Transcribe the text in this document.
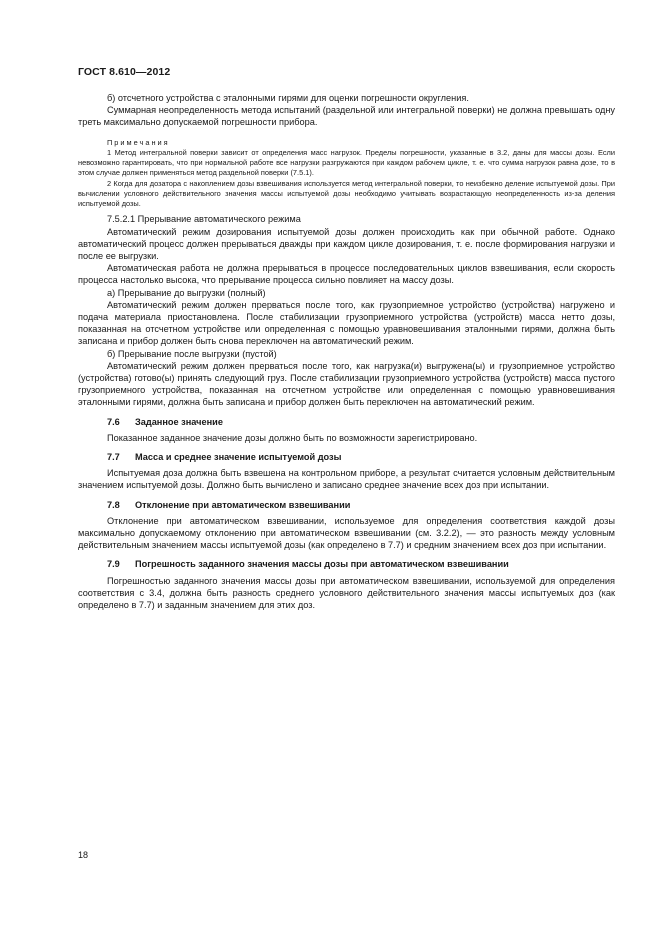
ГОСТ 8.610—2012

б) отсчетного устройства с эталонными гирями для оценки погрешности округления.

Суммарная неопределенность метода испытаний (раздельной или интегральной поверки) не должна превышать одну треть максимально допускаемой погрешности прибора.

Примечания

1 Метод интегральной поверки зависит от определения масс нагрузок. Пределы погрешности, указанные в 3.2, даны для массы дозы. Если невозможно гарантировать, что при нормальной работе все нагрузки разгружаются при каждом рабочем цикле, т. е. что сумма нагрузок равна дозе, то в этом случае должен применяться метод раздельной поверки (7.5.1).

2 Когда для дозатора с накоплением дозы взвешивания используется метод интегральной поверки, то неизбежно деление испытуемой дозы. При вычислении условного действительного значения массы испытуемой дозы необходимо учитывать возрастающую неопределенность из-за деления испытуемой дозы.

7.5.2.1 Прерывание автоматического режима

Автоматический режим дозирования испытуемой дозы должен происходить как при обычной работе. Однако автоматический процесс должен прерываться дважды при каждом цикле дозирования, т. е. после формирования нагрузки и после ее выгрузки.

Автоматическая работа не должна прерываться в процессе последовательных циклов взвешивания, если скорость процесса настолько высока, что прерывание процесса сильно повлияет на массу дозы.

а) Прерывание до выгрузки (полный)

Автоматический режим должен прерваться после того, как грузоприемное устройство (устройства) нагружено и подача материала приостановлена. После стабилизации грузоприемного устройства (устройств) масса нетто дозы, показанная на отсчетном устройстве или определенная с помощью уравновешивания эталонными гирями, должна быть записана и прибор должен быть снова переключен на автоматический режим.

б) Прерывание после выгрузки (пустой)

Автоматический режим должен прерваться после того, как нагрузка(и) выгружена(ы) и грузоприемное устройство (устройства) готово(ы) принять следующий груз. После стабилизации грузоприемного устройства (устройств) масса пустого грузоприемного устройства, показанная на отсчетном устройстве или определенная с помощью уравновешивания эталонными гирями, должна быть записана и прибор должен быть переключен на автоматический режим.

7.6 Заданное значение

Показанное заданное значение дозы должно быть по возможности зарегистрировано.

7.7 Масса и среднее значение испытуемой дозы

Испытуемая доза должна быть взвешена на контрольном приборе, а результат считается условным действительным значением испытуемой дозы. Должно быть вычислено и записано среднее значение всех доз при испытании.

7.8 Отклонение при автоматическом взвешивании

Отклонение при автоматическом взвешивании, используемое для определения соответствия каждой дозы максимально допускаемому отклонению при автоматическом взвешивании (см. 3.2.2), — это разность между условным действительным значением массы испытуемой дозы (как определено в 7.7) и средним значением всех доз при испытании.

7.9 Погрешность заданного значения массы дозы при автоматическом взвешивании

Погрешностью заданного значения массы дозы при автоматическом взвешивании, используемой для определения соответствия с 3.4, должна быть разность среднего условного действительного значения массы испытуемых доз (как определено в 7.7) и заданным значением для этих доз.

18
